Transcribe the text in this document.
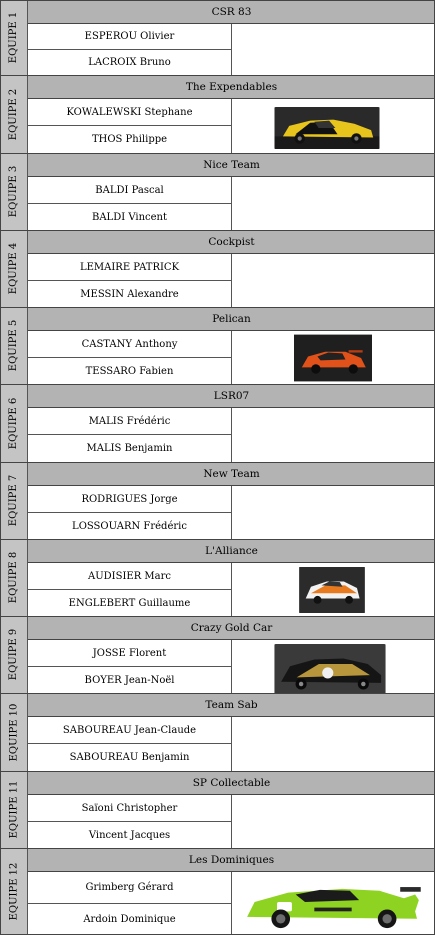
EQUIPE 1
CSR 83
ESPEROU Olivier
LACROIX Bruno
EQUIPE 2
The Expendables
KOWALEWSKI Stephane
THOS Philippe
EQUIPE 3
Nice Team
BALDI Pascal
BALDI Vincent
EQUIPE 4
Cockpist
LEMAIRE PATRICK
MESSIN Alexandre
EQUIPE 5
Pelican
CASTANY Anthony
TESSARO Fabien
EQUIPE 6
LSR07
MALIS Frédéric
MALIS Benjamin
EQUIPE 7
New Team
RODRIGUES Jorge
LOSSOUARN Frédéric
EQUIPE 8
L'Alliance
AUDISIER Marc
ENGLEBERT Guillaume
EQUIPE 9
Crazy Gold Car
JOSSE Florent
BOYER Jean-Noël
EQUIPE 10	Team Sab
SABOUREAU Jean-Claude
SABOUREAU Benjamin
EQUIPE 11	SP Collectable
Saïoni Christopher
Vincent Jacques
EQUIPE 12
Les Dominiques
Grimberg Gérard
Ardoin Dominique
